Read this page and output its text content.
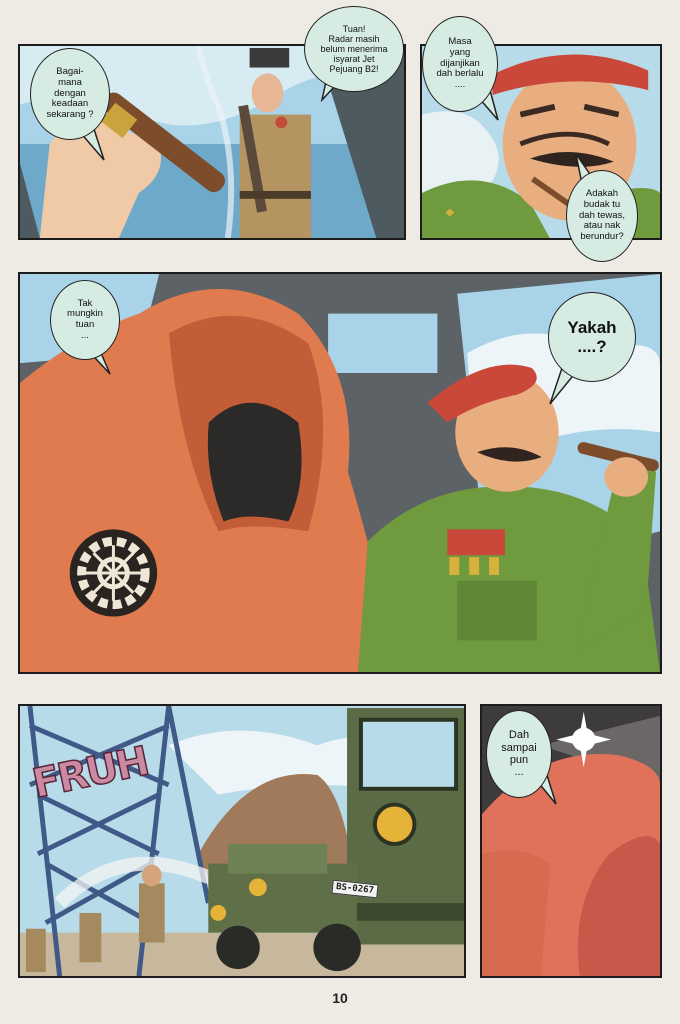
Bagai-
mana
dengan
keadaan
sekarang ?
Tuan!
Radar masih
belum menerima
isyarat Jet
Pejuang B2!
Masa
yang
dijanjikan
dah berlalu
....
Adakah
budak tu
dah tewas,
atau nak
berundur?
Tak
mungkin
tuan
...	Yakah
....?
FRUH
BS-0267
Dah
sampai
pun
...
10
